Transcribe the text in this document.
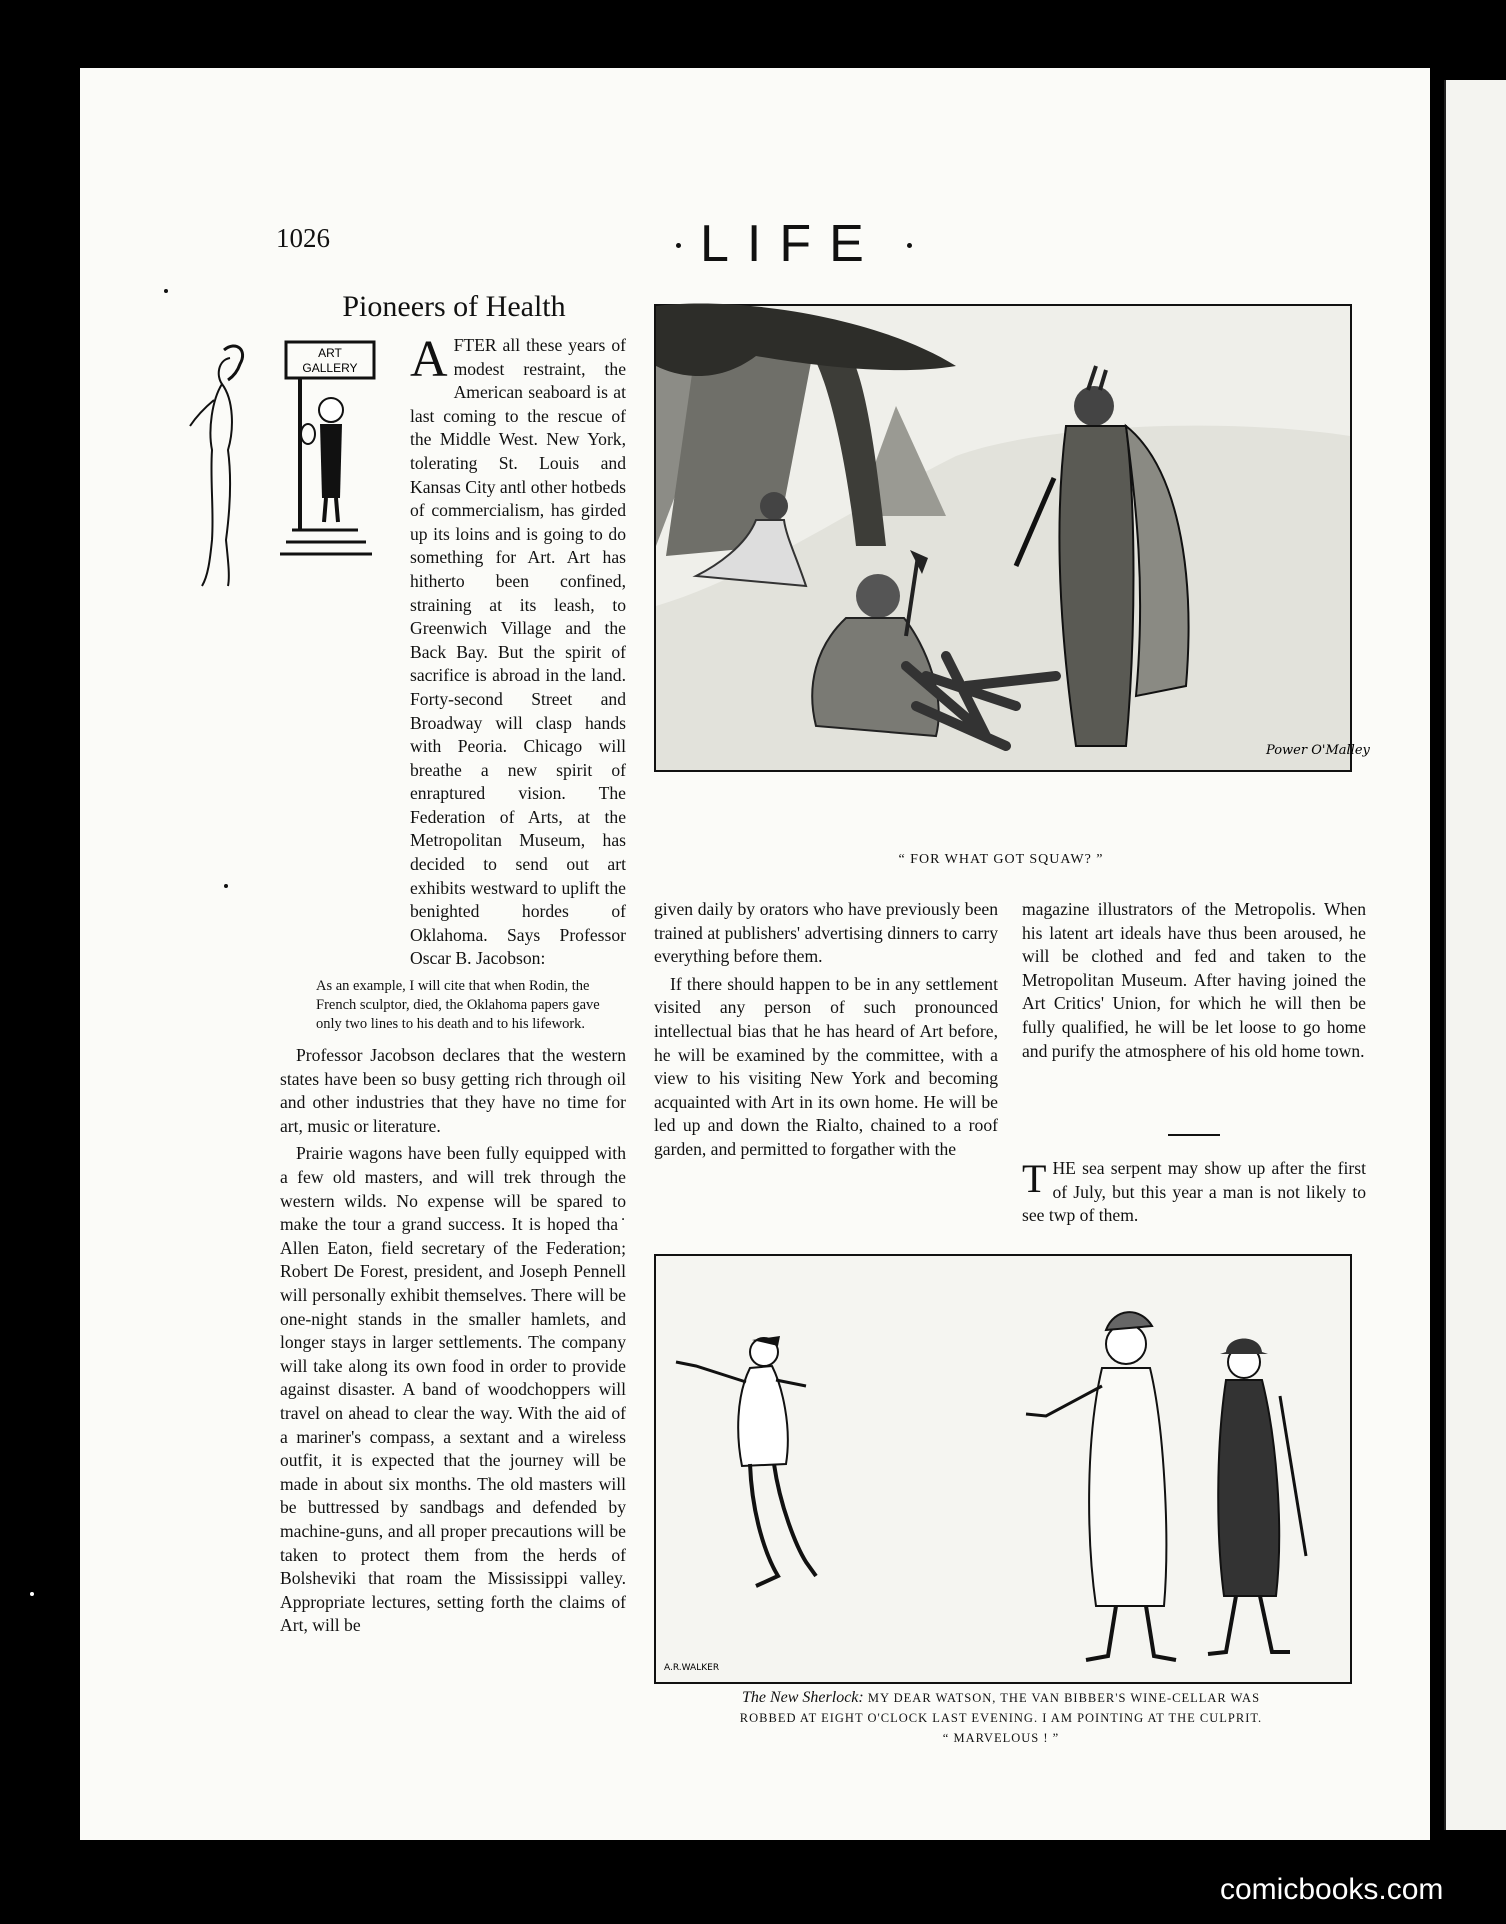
1026	LIFE
Pioneers of Health
ART
GALLERY A FTER all these years of modest restraint, the American seaboard is at last coming to the rescue of the Middle West. New York, tolerating St. Louis and Kansas City antl other hotbeds of commercialism, has girded up its loins and is going to do something for Art. Art has hitherto been confined, straining at its leash, to Greenwich Village and the Back Bay. But the spirit of sacrifice is abroad in the land. Forty-second Street and Broadway will clasp hands with Peoria. Chicago will breathe a new spirit of enraptured vision. The Federation of Arts, at the Metropolitan Museum, has decided to send out art exhibits westward to uplift the benighted hordes of Oklahoma. Says Professor Oscar B. Jacobson:

As an example, I will cite that when Rodin, the French sculptor, died, the Oklahoma papers gave only two lines to his death and to his lifework.

Professor Jacobson declares that the western states have been so busy getting rich through oil and other industries that they have no time for art, music or literature.

Prairie wagons have been fully equipped with a few old masters, and will trek through the western wilds. No expense will be spared to make the tour a grand success. It is hoped tha˙ Allen Eaton, field secretary of the Federation; Robert De Forest, president, and Joseph Pennell will personally exhibit themselves. There will be one-night stands in the smaller hamlets, and longer stays in larger settlements. The company will take along its own food in order to provide against disaster. A band of woodchoppers will travel on ahead to clear the way. With the aid of a mariner's compass, a sextant and a wireless outfit, it is expected that the journey will be made in about six months. The old masters will be buttressed by sandbags and defended by machine-guns, and all proper precautions will be taken to protect them from the herds of Bolsheviki that roam the Mississippi valley. Appropriate lectures, setting forth the claims of Art, will be

Power O'Malley
“ FOR WHAT GOT SQUAW? ”

given daily by orators who have previously been trained at publishers' advertising dinners to carry everything before them.

If there should happen to be in any settlement visited any person of such pronounced intellectual bias that he has heard of Art before, he will be examined by the committee, with a view to his visiting New York and becoming acquainted with Art in its own home. He will be led up and down the Rialto, chained to a roof garden, and permitted to forgather with the

magazine illustrators of the Metropolis. When his latent art ideals have thus been aroused, he will be clothed and fed and taken to the Metropolitan Museum. After having joined the Art Critics' Union, for which he will then be fully qualified, he will be let loose to go home and purify the atmosphere of his old home town.

T HE sea serpent may show up after the first of July, but this year a man is not likely to see twp of them.
A.R.WALKER
The New Sherlock: MY DEAR WATSON, THE VAN BIBBER'S WINE-CELLAR WAS
ROBBED AT EIGHT O'CLOCK LAST EVENING. I AM POINTING AT THE CULPRIT.
“ MARVELOUS ! ”
comicbooks.com
